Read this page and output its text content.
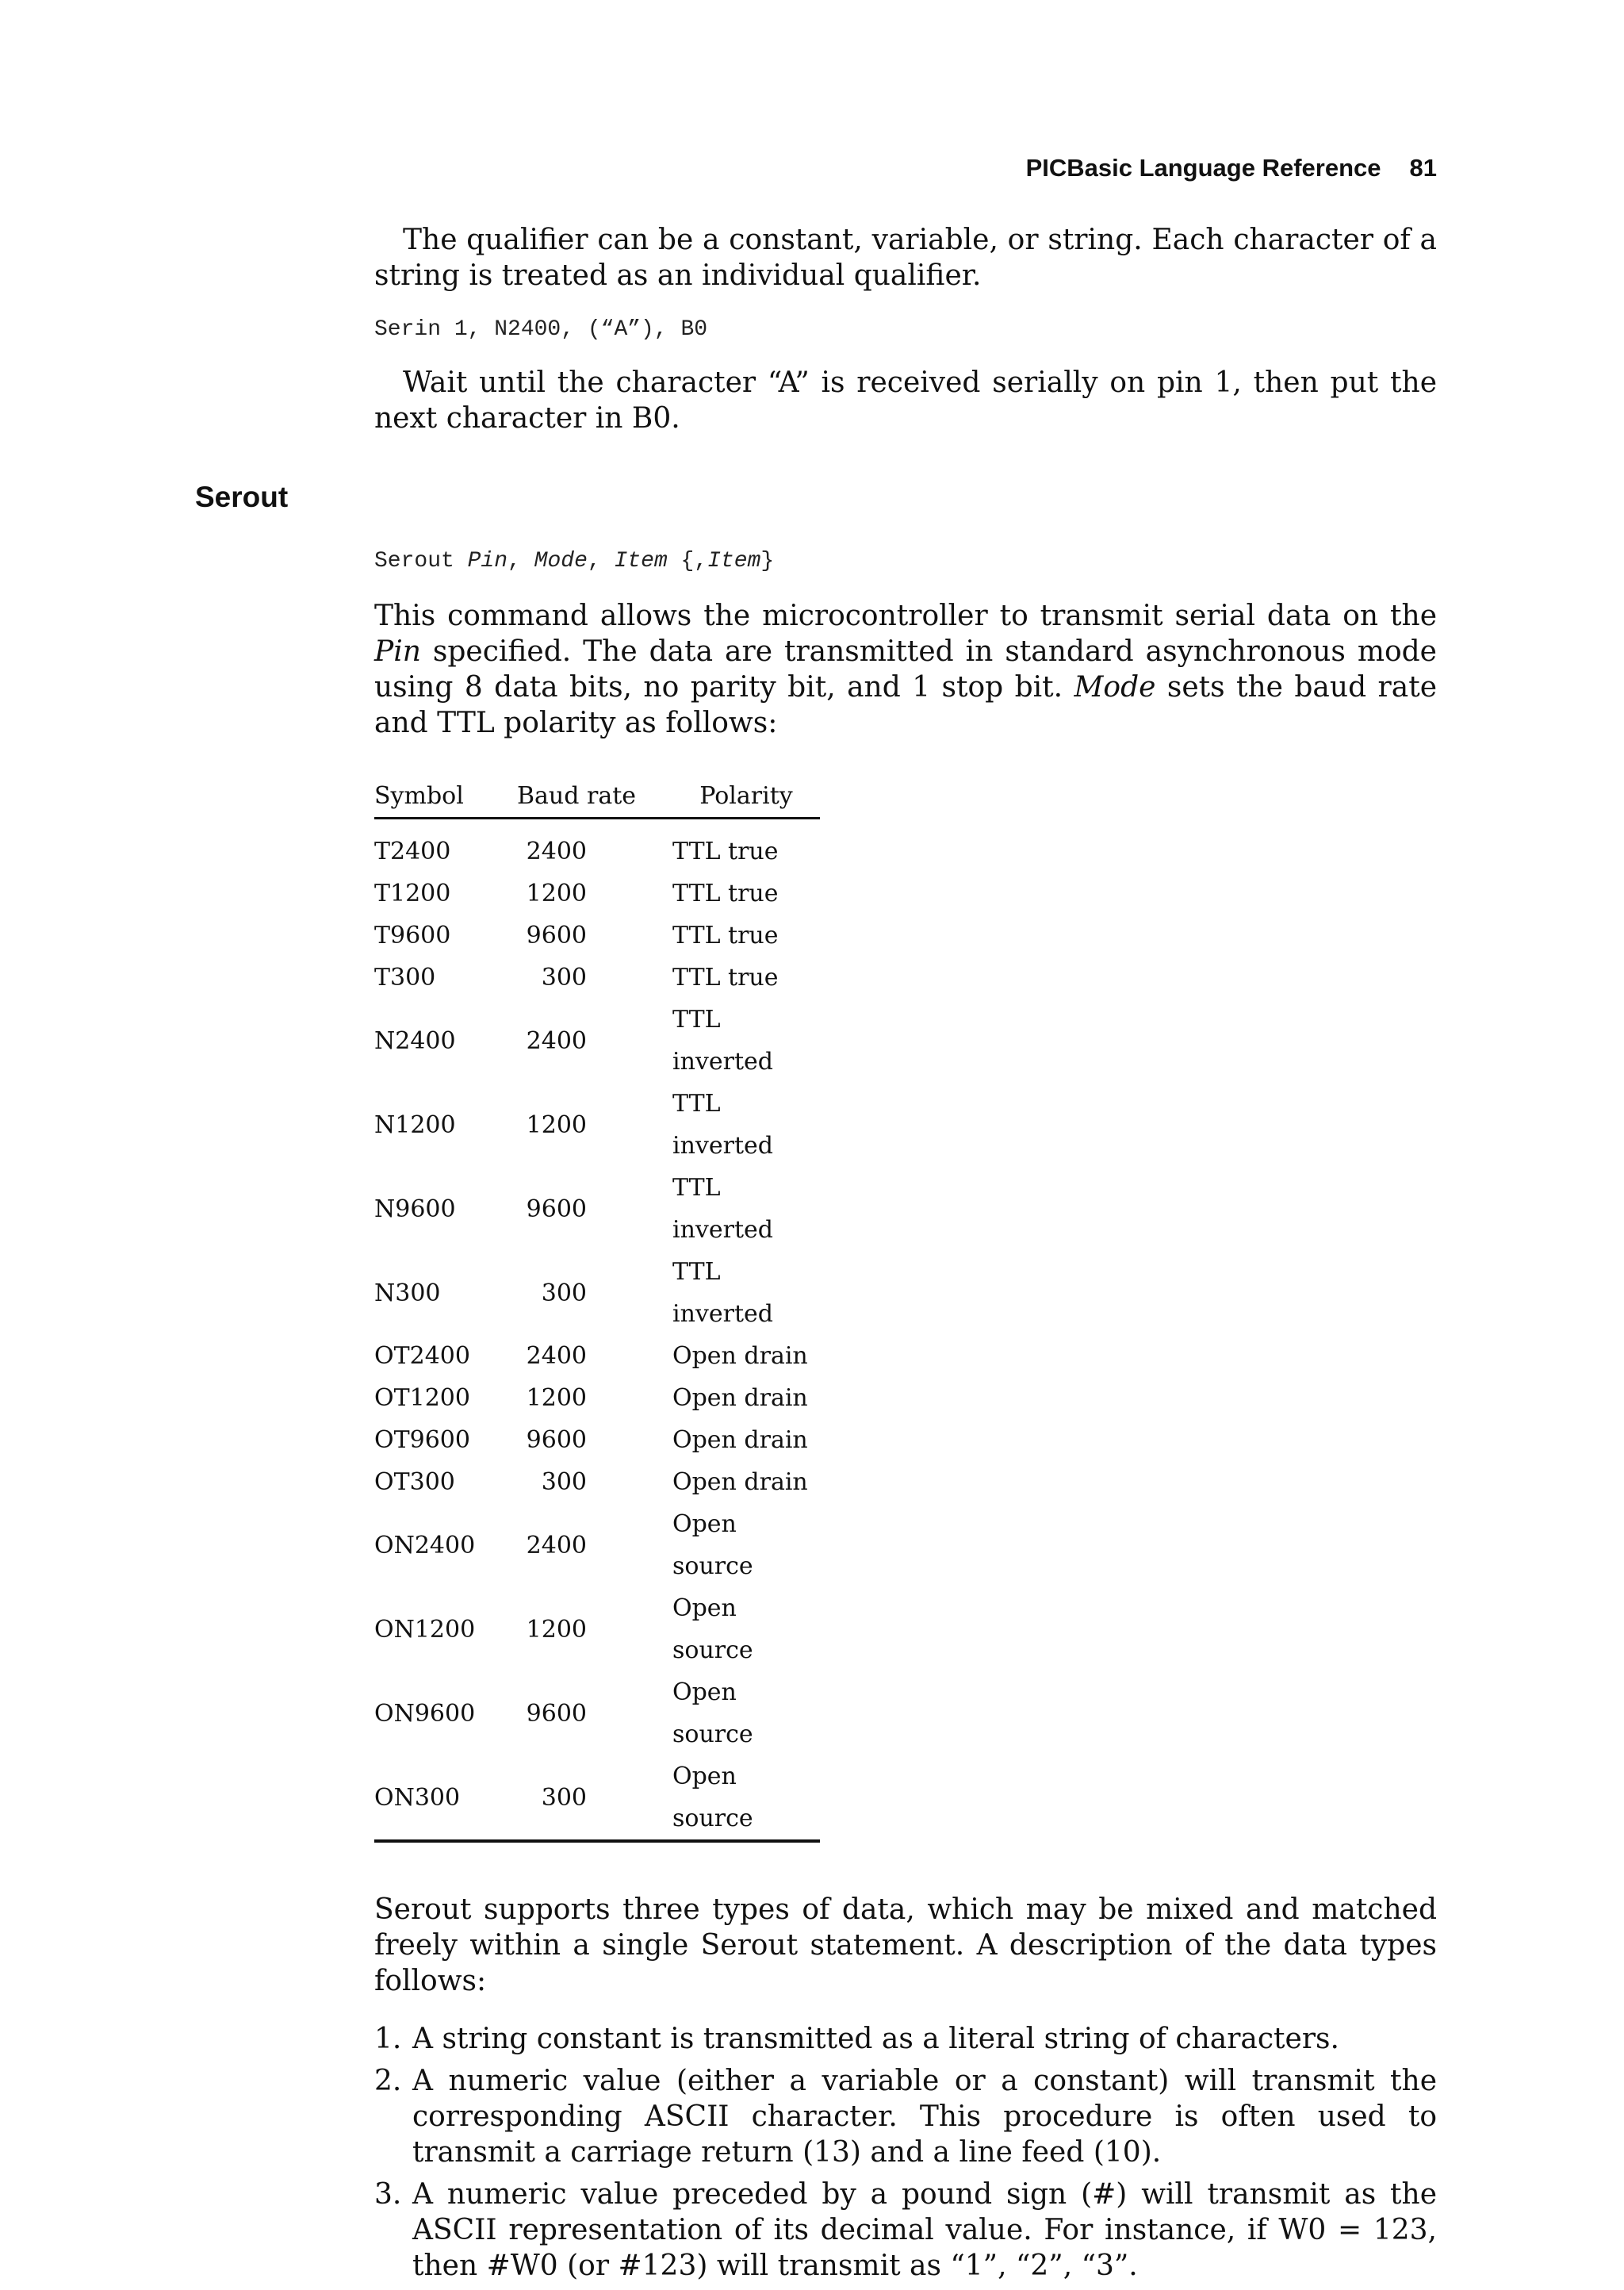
PICBasic Language Reference 81
Serout

The qualifier can be a constant, variable, or string. Each character of a string is treated as an individual qualifier.

Serin 1, N2400, (“A”), B0

Wait until the character “A” is received serially on pin 1, then put the next character in B0.

Serout Pin, Mode, Item {,Item}

This command allows the microcontroller to transmit serial data on the Pin specified. The data are transmitted in standard asynchronous mode using 8 data bits, no parity bit, and 1 stop bit. Mode sets the baud rate and TTL polarity as follows:

Symbol	Baud rate		Polarity
T2400	2400		TTL true
T1200	1200		TTL true
T9600	9600		TTL true
T300	300		TTL true
N2400	2400		TTL inverted
N1200	1200		TTL inverted
N9600	9600		TTL inverted
N300	300		TTL inverted
OT2400	2400		Open drain
OT1200	1200		Open drain
OT9600	9600		Open drain
OT300	300		Open drain
ON2400	2400		Open source
ON1200	1200		Open source
ON9600	9600		Open source
ON300	300		Open source

Serout supports three types of data, which may be mixed and matched freely within a single Serout statement. A description of the data types follows:

1. A string constant is transmitted as a literal string of characters.
2. A numeric value (either a variable or a constant) will transmit the corresponding ASCII character. This procedure is often used to transmit a carriage return (13) and a line feed (10).
3. A numeric value preceded by a pound sign (#) will transmit as the ASCII representation of its decimal value. For instance, if W0 = 123, then #W0 (or #123) will transmit as “1”, “2”, “3”.
